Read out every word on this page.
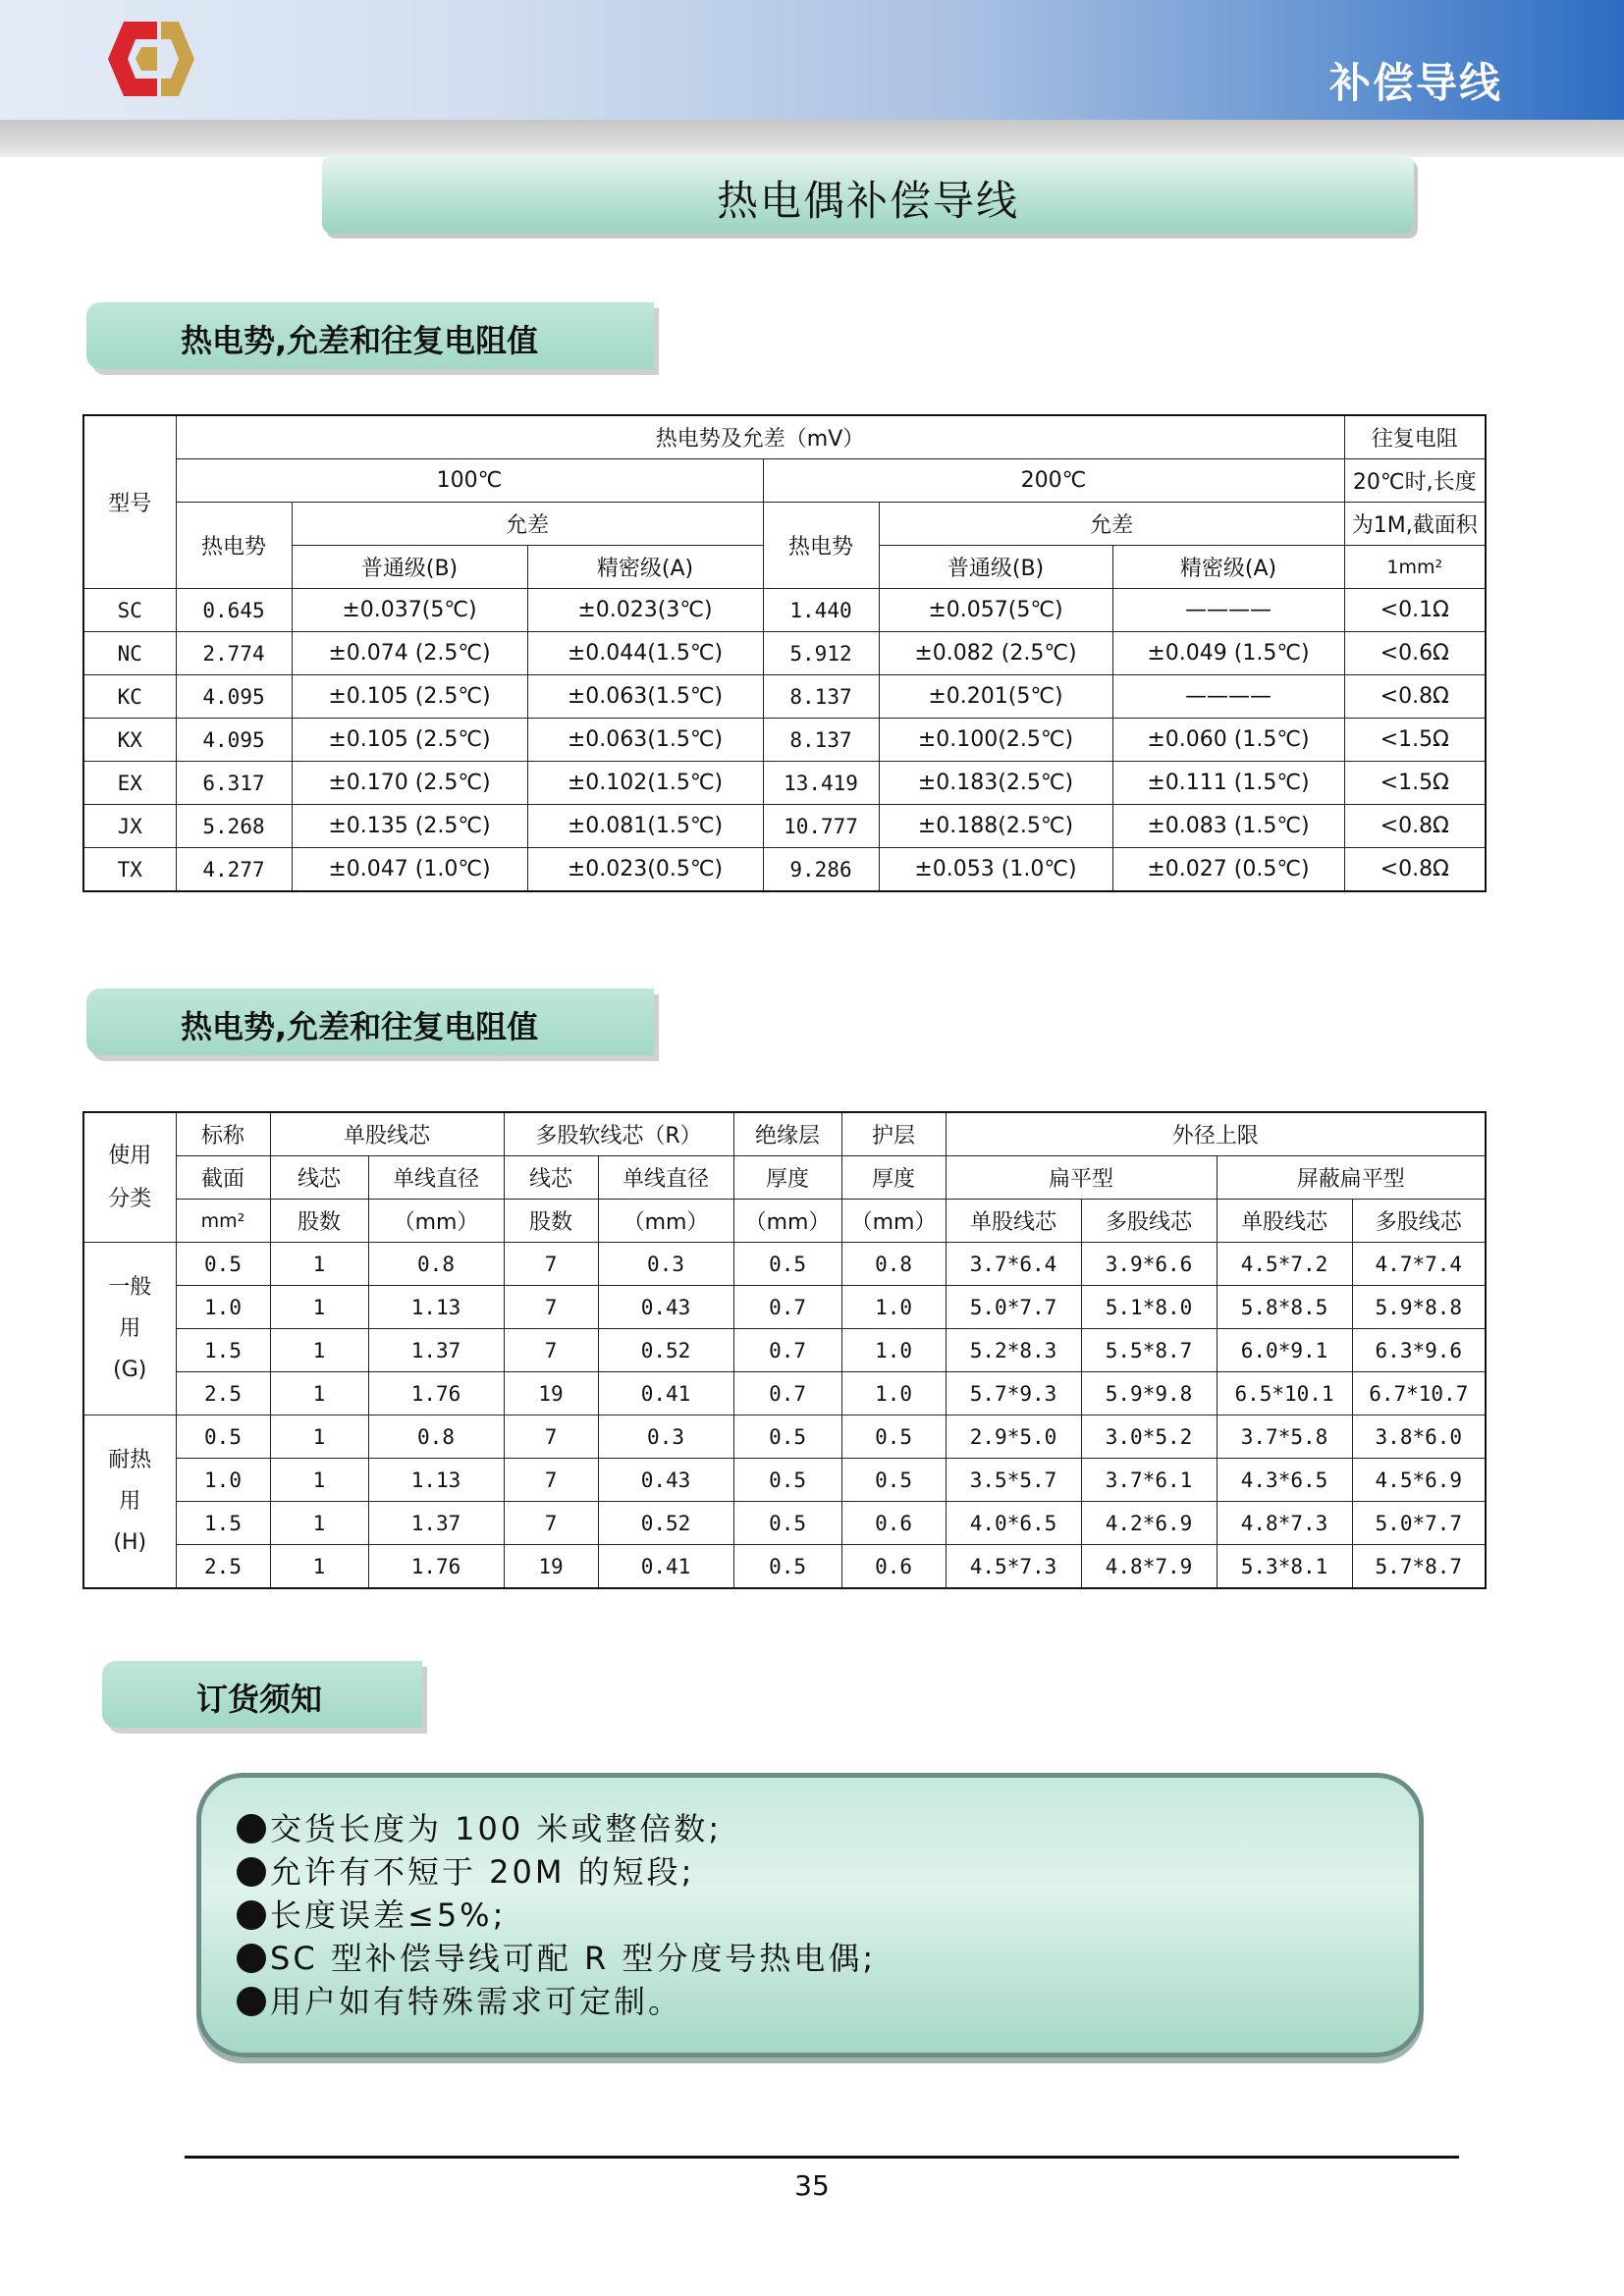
补偿导线
热电偶补偿导线
热电势,允差和往复电阻值
型号	热电势及允差（mV）						往复电阻
	100℃			200℃			20℃时,长度
	热电势	允差		热电势	允差		为1M,截面积
		普通级(B)	精密级(A)		普通级(B)	精密级(A)	1mm²
SC	0.645	±0.037(5℃)	±0.023(3℃)	1.440	±0.057(5℃)	————	<0.1Ω
NC	2.774	±0.074 (2.5℃)	±0.044(1.5℃)	5.912	±0.082 (2.5℃)	±0.049 (1.5℃)	<0.6Ω
KC	4.095	±0.105 (2.5℃)	±0.063(1.5℃)	8.137	±0.201(5℃)	————	<0.8Ω
KX	4.095	±0.105 (2.5℃)	±0.063(1.5℃)	8.137	±0.100(2.5℃)	±0.060 (1.5℃)	<1.5Ω
EX	6.317	±0.170 (2.5℃)	±0.102(1.5℃)	13.419	±0.183(2.5℃)	±0.111 (1.5℃)	<1.5Ω
JX	5.268	±0.135 (2.5℃)	±0.081(1.5℃)	10.777	±0.188(2.5℃)	±0.083 (1.5℃)	<0.8Ω
TX	4.277	±0.047 (1.0℃)	±0.023(0.5℃)	9.286	±0.053 (1.0℃)	±0.027 (0.5℃)	<0.8Ω
热电势,允差和往复电阻值
使用
分类	标称	单股线芯		多股软线芯（R）		绝缘层	护层	外径上限			
	截面	线芯	单线直径	线芯	单线直径	厚度	厚度	扁平型		屏蔽扁平型	
	mm²	股数	（mm）	股数	（mm）	（mm）	（mm）	单股线芯	多股线芯	单股线芯	多股线芯

一般
用
(G)	0.5	1	0.8	7	0.3	0.5	0.8	3.7*6.4	3.9*6.6	4.5*7.2	4.7*7.4
	1.0	1	1.13	7	0.43	0.7	1.0	5.0*7.7	5.1*8.0	5.8*8.5	5.9*8.8
	1.5	1	1.37	7	0.52	0.7	1.0	5.2*8.3	5.5*8.7	6.0*9.1	6.3*9.6
	2.5	1	1.76	19	0.41	0.7	1.0	5.7*9.3	5.9*9.8	6.5*10.1	6.7*10.7

耐热
用
(H)	0.5	1	0.8	7	0.3	0.5	0.5	2.9*5.0	3.0*5.2	3.7*5.8	3.8*6.0
	1.0	1	1.13	7	0.43	0.5	0.5	3.5*5.7	3.7*6.1	4.3*6.5	4.5*6.9
	1.5	1	1.37	7	0.52	0.5	0.6	4.0*6.5	4.2*6.9	4.8*7.3	5.0*7.7
	2.5	1	1.76	19	0.41	0.5	0.6	4.5*7.3	4.8*7.9	5.3*8.1	5.7*8.7
订货须知
交货长度为 100 米或整倍数;
允许有不短于 20M 的短段;
长度误差≤5%;
SC 型补偿导线可配 R 型分度号热电偶;
用户如有特殊需求可定制。
35
